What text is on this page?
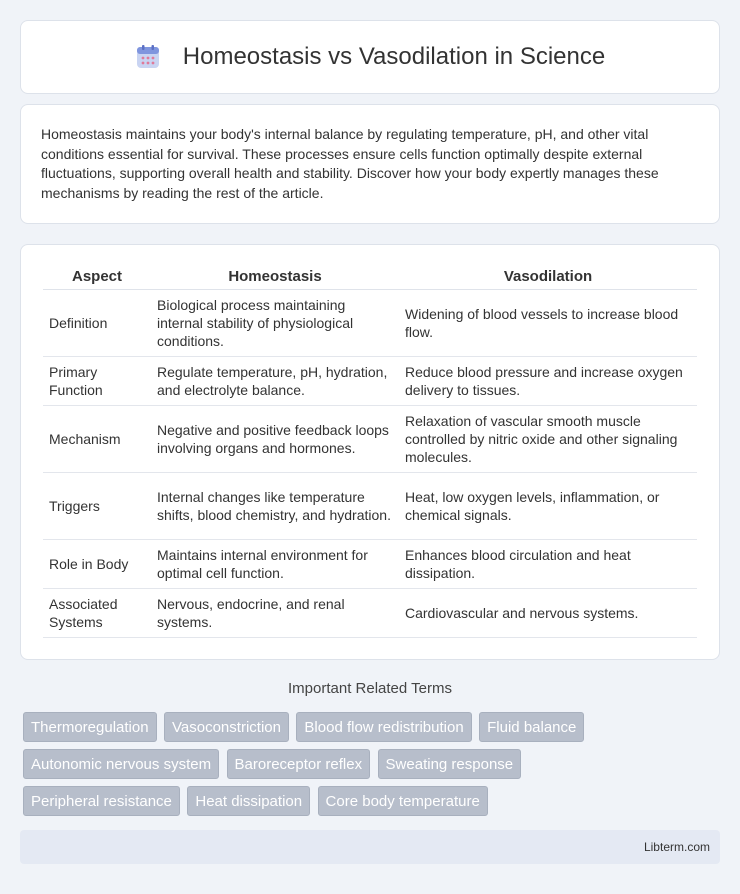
Homeostasis vs Vasodilation in Science

Homeostasis maintains your body's internal balance by regulating temperature, pH, and other vital conditions essential for survival. These processes ensure cells function optimally despite external fluctuations, supporting overall health and stability. Discover how your body expertly manages these mechanisms by reading the rest of the article.

Aspect	Homeostasis	Vasodilation
Definition	Biological process maintaining internal stability of physiological conditions.	Widening of blood vessels to increase blood flow.
Primary Function	Regulate temperature, pH, hydration, and electrolyte balance.	Reduce blood pressure and increase oxygen delivery to tissues.
Mechanism	Negative and positive feedback loops involving organs and hormones.	Relaxation of vascular smooth muscle controlled by nitric oxide and other signaling molecules.
Triggers	Internal changes like temperature shifts, blood chemistry, and hydration.	Heat, low oxygen levels, inflammation, or chemical signals.
Role in Body	Maintains internal environment for optimal cell function.	Enhances blood circulation and heat dissipation.
Associated Systems	Nervous, endocrine, and renal systems.	Cardiovascular and nervous systems.
Important Related Terms
Thermoregulation Vasoconstriction Blood flow redistribution Fluid balance
Autonomic nervous system Baroreceptor reflex Sweating response
Peripheral resistance Heat dissipation Core body temperature
Libterm.com
